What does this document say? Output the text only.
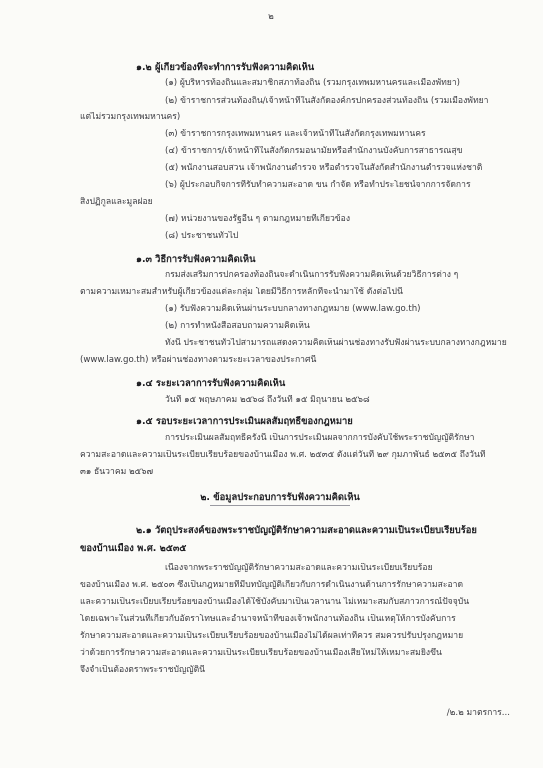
๒
๑.๒ ผู้เกี่ยวข้องที่จะทำการรับฟังความคิดเห็น
(๑) ผู้บริหารท้องถิ่นและสมาชิกสภาท้องถิ่น (รวมกรุงเทพมหานครและเมืองพัทยา)
(๒) ข้าราชการส่วนท้องถิ่น/เจ้าหน้าที่ในสังกัดองค์กรปกครองส่วนท้องถิ่น (รวมเมืองพัทยา
แต่ไม่รวมกรุงเทพมหานคร)
(๓) ข้าราชการกรุงเทพมหานคร และเจ้าหน้าที่ในสังกัดกรุงเทพมหานคร
(๔) ข้าราชการ/เจ้าหน้าที่ในสังกัดกรมอนามัยหรือสำนักงานบังคับการสาธารณสุข
(๕) พนักงานสอบสวน เจ้าพนักงานตำรวจ หรือตำรวจในสังกัดสำนักงานตำรวจแห่งชาติ
(๖) ผู้ประกอบกิจการที่รับทำความสะอาด ขน กำจัด หรือทำประโยชน์จากการจัดการ
สิ่งปฏิกูลและมูลฝอย
(๗) หน่วยงานของรัฐอื่น ๆ ตามกฎหมายที่เกี่ยวข้อง
(๘) ประชาชนทั่วไป
๑.๓ วิธีการรับฟังความคิดเห็น
กรมส่งเสริมการปกครองท้องถิ่นจะดำเนินการรับฟังความคิดเห็นด้วยวิธีการต่าง ๆ
ตามความเหมาะสมสำหรับผู้เกี่ยวข้องแต่ละกลุ่ม โดยมีวิธีการหลักที่จะนำมาใช้ ดังต่อไปนี้
(๑) รับฟังความคิดเห็นผ่านระบบกลางทางกฎหมาย (www.law.go.th)
(๒) การทำหนังสือสอบถามความคิดเห็น
ทั้งนี้ ประชาชนทั่วไปสามารถแสดงความคิดเห็นผ่านช่องทางรับฟังผ่านระบบกลางทางกฎหมาย
(www.law.go.th) หรือผ่านช่องทางตามระยะเวลาของประกาศนี้
๑.๔ ระยะเวลาการรับฟังความคิดเห็น
วันที่ ๑๕ พฤษภาคม ๒๕๖๘ ถึงวันที่ ๑๕ มิถุนายน ๒๕๖๘
๑.๕ รอบระยะเวลาการประเมินผลสัมฤทธิ์ของกฎหมาย
การประเมินผลสัมฤทธิ์ครั้งนี้ เป็นการประเมินผลจากการบังคับใช้พระราชบัญญัติรักษา
ความสะอาดและความเป็นระเบียบเรียบร้อยของบ้านเมือง พ.ศ. ๒๕๓๕ ตั้งแต่วันที่ ๒๙ กุมภาพันธ์ ๒๕๓๕ ถึงวันที่
๓๑ ธันวาคม ๒๕๖๗
๒. ข้อมูลประกอบการรับฟังความคิดเห็น
๒.๑ วัตถุประสงค์ของพระราชบัญญัติรักษาความสะอาดและความเป็นระเบียบเรียบร้อย
ของบ้านเมือง พ.ศ. ๒๕๓๕
เนื่องจากพระราชบัญญัติรักษาความสะอาดและความเป็นระเบียบเรียบร้อย
ของบ้านเมือง พ.ศ. ๒๕๐๓ ซึ่งเป็นกฎหมายที่มีบทบัญญัติเกี่ยวกับการดำเนินงานด้านการรักษาความสะอาด
และความเป็นระเบียบเรียบร้อยของบ้านเมืองได้ใช้บังคับมาเป็นเวลานาน ไม่เหมาะสมกับสภาวการณ์ปัจจุบัน
โดยเฉพาะในส่วนที่เกี่ยวกับอัตราโทษและอำนาจหน้าที่ของเจ้าพนักงานท้องถิ่น เป็นเหตุให้การบังคับการ
รักษาความสะอาดและความเป็นระเบียบเรียบร้อยของบ้านเมืองไม่ได้ผลเท่าที่ควร สมควรปรับปรุงกฎหมาย
ว่าด้วยการรักษาความสะอาดและความเป็นระเบียบเรียบร้อยของบ้านเมืองเสียใหม่ให้เหมาะสมยิ่งขึ้น
จึงจำเป็นต้องตราพระราชบัญญัตินี้
/๒.๒ มาตรการ...
